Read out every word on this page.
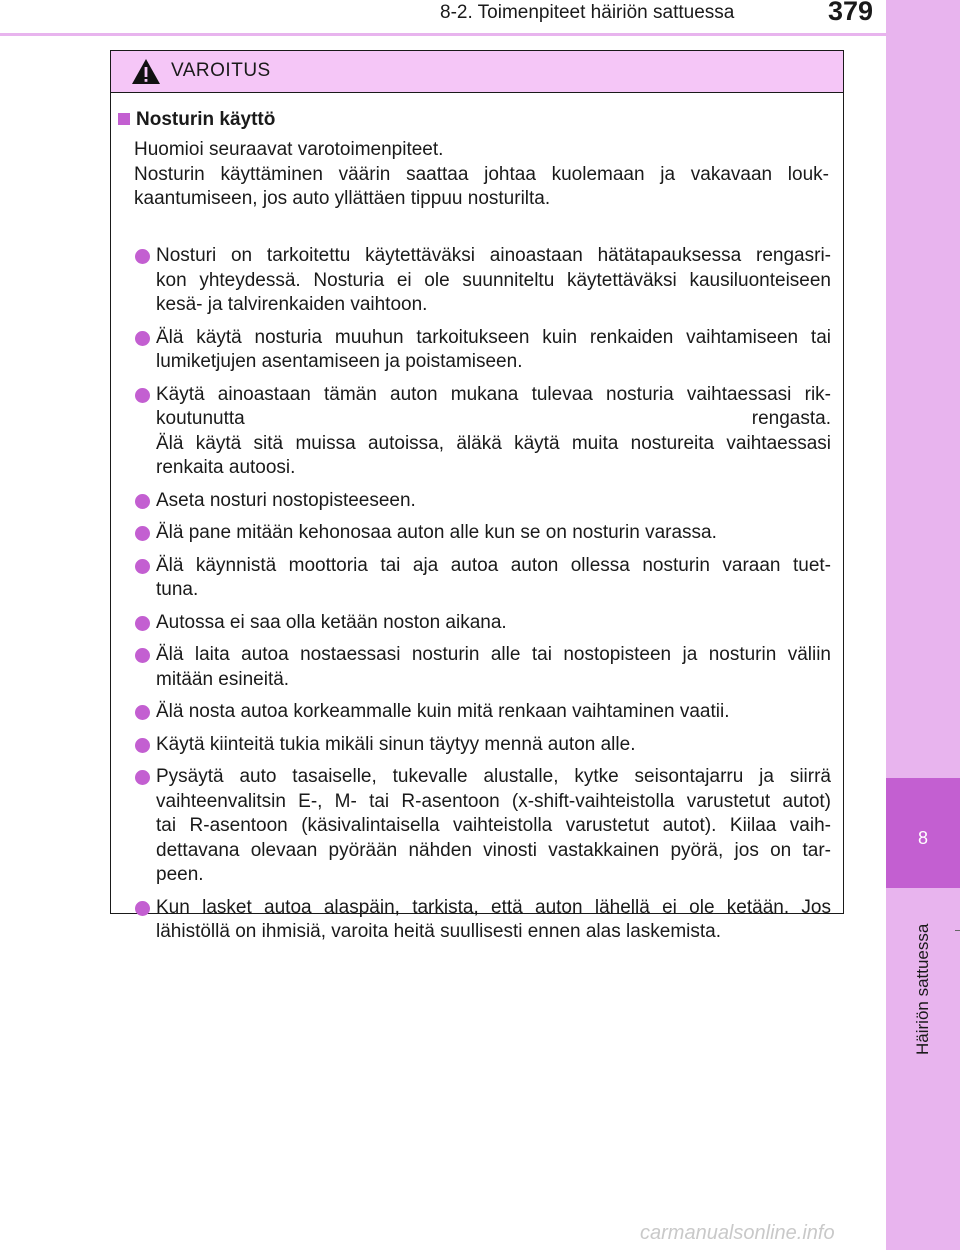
8-2. Toimenpiteet häiriön sattuessa	379
8
Häiriön sattuessa
VAROITUS
Nosturin käyttö

Huomioi seuraavat varotoimenpiteet.

Nosturin käyttäminen väärin saattaa johtaa kuolemaan ja vakavaan louk-

kaantumiseen, jos auto yllättäen tippuu nosturilta.

Nosturi on tarkoitettu käytettäväksi ainoastaan hätätapauksessa rengasri-
kon yhteydessä. Nosturia ei ole suunniteltu käytettäväksi kausiluonteiseen
kesä- ja talvirenkaiden vaihtoon.
Älä käytä nosturia muuhun tarkoitukseen kuin renkaiden vaihtamiseen tai
lumiketjujen asentamiseen ja poistamiseen.
Käytä ainoastaan tämän auton mukana tulevaa nosturia vaihtaessasi rik-
koutunutta rengasta.
Älä käytä sitä muissa autoissa, äläkä käytä muita nostureita vaihtaessasi
renkaita autoosi.
Aseta nosturi nostopisteeseen.
Älä pane mitään kehonosaa auton alle kun se on nosturin varassa.
Älä käynnistä moottoria tai aja autoa auton ollessa nosturin varaan tuet-
tuna.
Autossa ei saa olla ketään noston aikana.
Älä laita autoa nostaessasi nosturin alle tai nostopisteen ja nosturin väliin
mitään esineitä.
Älä nosta autoa korkeammalle kuin mitä renkaan vaihtaminen vaatii.
Käytä kiinteitä tukia mikäli sinun täytyy mennä auton alle.
Pysäytä auto tasaiselle, tukevalle alustalle, kytke seisontajarru ja siirrä
vaihteenvalitsin E-, M- tai R-asentoon (x-shift-vaihteistolla varustetut autot)
tai R-asentoon (käsivalintaisella vaihteistolla varustetut autot). Kiilaa vaih-
dettavana olevaan pyörään nähden vinosti vastakkainen pyörä, jos on tar-
peen.
Kun lasket autoa alaspäin, tarkista, että auton lähellä ei ole ketään. Jos
lähistöllä on ihmisiä, varoita heitä suullisesti ennen alas laskemista.
carmanualsonline.info
